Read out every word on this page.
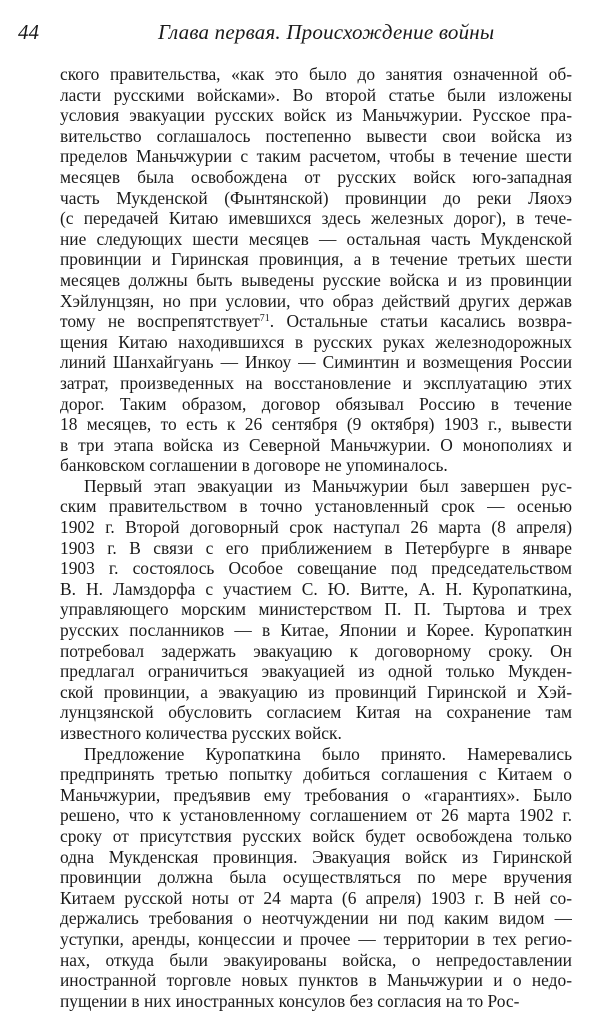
44	Глава первая. Происхождение войны
ского правительства, «как это было до занятия означенной об-
ласти русскими войсками». Во второй статье были изложены
условия эвакуации русских войск из Маньчжурии. Русское пра-
вительство соглашалось постепенно вывести свои войска из
пределов Маньчжурии с таким расчетом, чтобы в течение шести
месяцев была освобождена от русских войск юго-западная
часть Мукденской (Фынтянской) провинции до реки Ляохэ
(с передачей Китаю имевшихся здесь железных дорог), в тече-
ние следующих шести месяцев — остальная часть Мукденской
провинции и Гиринская провинция, а в течение третьих шести
месяцев должны быть выведены русские войска и из провинции
Хэйлунцзян, но при условии, что образ действий других держав
тому не воспрепятствует$^{71}$. Остальные статьи касались возвра-
щения Китаю находившихся в русских руках железнодорожных
линий Шанхайгуань — Инкоу — Симинтин и возмещения России
затрат, произведенных на восстановление и эксплуатацию этих
дорог. Таким образом, договор обязывал Россию в течение
18 месяцев, то есть к 26 сентября (9 октября) 1903 г., вывести
в три этапа войска из Северной Маньчжурии. О монополиях и
банковском соглашении в договоре не упоминалось.
Первый этап эвакуации из Маньчжурии был завершен рус-
ским правительством в точно установленный срок — осенью
1902 г. Второй договорный срок наступал 26 марта (8 апреля)
1903 г. В связи с его приближением в Петербурге в январе
1903 г. состоялось Особое совещание под председательством
В. Н. Ламздорфа с участием С. Ю. Витте, А. Н. Куропаткина,
управляющего морским министерством П. П. Тыртова и трех
русских посланников — в Китае, Японии и Корее. Куропаткин
потребовал задержать эвакуацию к договорному сроку. Он
предлагал ограничиться эвакуацией из одной только Мукден-
ской провинции, а эвакуацию из провинций Гиринской и Хэй-
лунцзянской обусловить согласием Китая на сохранение там
известного количества русских войск.
Предложение Куропаткина было принято. Намеревались
предпринять третью попытку добиться соглашения с Китаем о
Маньчжурии, предъявив ему требования о «гарантиях». Было
решено, что к установленному соглашением от 26 марта 1902 г.
сроку от присутствия русских войск будет освобождена только
одна Мукденская провинция. Эвакуация войск из Гиринской
провинции должна была осуществляться по мере вручения
Китаем русской ноты от 24 марта (6 апреля) 1903 г. В ней со-
держались требования о неотчуждении ни под каким видом —
уступки, аренды, концессии и прочее — территории в тех регио-
нах, откуда были эвакуированы войска, о непредоставлении
иностранной торговле новых пунктов в Маньчжурии и о недо-
пущении в них иностранных консулов без согласия на то Рос-
